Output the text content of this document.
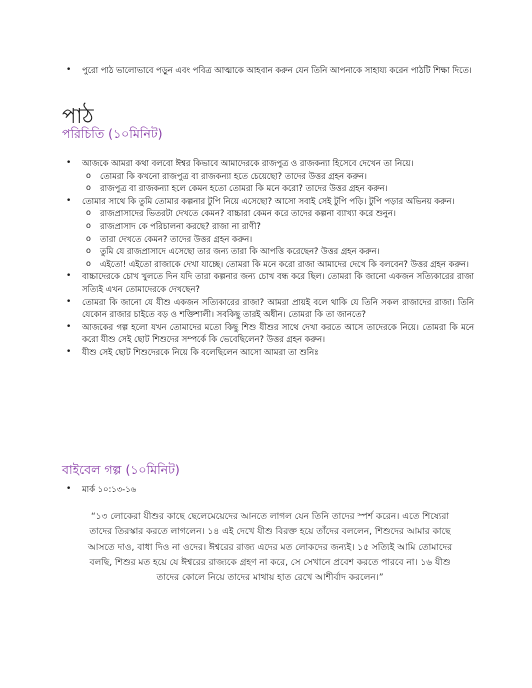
• পুরো পাঠ ভালোভাবে পড়ুন এবং পবিত্র আত্মাকে আহবান করুন যেন তিনি আপনাকে সাহায্য করেন পাঠটি শিক্ষা দিতে।
পাঠ
পরিচিতি (১০মিনিট)
• আজকে আমরা কথা বলবো ঈশ্বর কিভাবে আমাদেরকে রাজপুত্র ও রাজকন্যা হিসেবে দেখেন তা নিয়ে।
o তোমরা কি কখনো রাজপুত্র বা রাজকন্যা হতে চেয়েছো? তাদের উত্তর গ্রহন করুন।
o রাজপুত্র বা রাজকন্যা হলে কেমন হতো তোমরা কি মনে করো? তাদের উত্তর গ্রহন করুন।
• তোমার সাথে কি তুমি তোমার কল্পনার টুপি নিয়ে এসেছো? আসো সবাই সেই টুপি পড়ি। টুপি পড়ার অভিনয় করুন।
o রাজপ্রাসাদের ভিতরটা দেখতে কেমন? বাচ্চারা কেমন করে তাদের কল্পনা ব্যাখ্যা করে শুনুন।
o রাজপ্রাসাদ কে পরিচালনা করছে? রাজা না রাণী?
o তারা দেখতে কেমন? তাদের উত্তর গ্রহন করুন।
o তুমি যে রাজপ্রাসাদে এসেছো তার জন্য তারা কি আপত্তি করেছেন? উত্তর গ্রহন করুন।
o এইতো! এইতো রাজাকে দেখা যাচ্ছে। তোমরা কি মনে করো রাজা আমাদের দেখে কি বলবেন? উত্তর গ্রহন করুন।
• বাচ্চাদেরকে চোখ খুলতে দিন যদি তারা কল্পনার জন্য চোখ বন্ধ করে ছিল। তোমরা কি জানো একজন সত্যিকারের রাজা সত্যিই এখন তোমাদেরকে দেখছেন?
• তোমরা কি জানো যে যীশু একজন সত্যিকারের রাজা? আমরা প্রায়ই বলে থাকি যে তিনি সকল রাজাদের রাজা। তিনি যেকোন রাজার চাইতে বড় ও শক্তিশালী। সবকিছু তারই অধীন। তোমরা কি তা জানতে?
• আজকের গল্প হলো যখন তোমাদের মতো কিছু শিশু যীশুর সাথে দেখা করতে আসে তাদেরকে নিয়ে। তোমরা কি মনে করো যীশু সেই ছোট শিশুদের সম্পর্কে কি ভেবেছিলেন? উত্তর গ্রহন করুন।
• যীশু সেই ছোট শিশুদেরকে নিয়ে কি বলেছিলেন আসো আমরা তা শুনিঃ
বাইবেল গল্প (১০মিনিট)
• মার্ক ১০:১৩-১৬
“১৩ লোকেরা যীশুর কাছে ছেলেমেয়েদের আনতে লাগল যেন তিনি তাদের স্পর্শ করেন। এতে শিষ্যেরা তাদের তিরস্কার করতে লাগলেন। ১৪ এই দেখে যীশু বিরক্ত হয়ে তাঁদের বললেন, শিশুদের আমার কাছে আসতে দাও, বাধা দিও না ওদের। ঈশ্বরের রাজ্য এদের মত লোকদের জন্যই। ১৫ সত্যিই আমি তোমাদের বলছি, শিশুর মত হয়ে যে ঈশ্বরের রাজ্যকে গ্রহণ না করে, সে সেখানে প্রবেশ করতে পারবে না। ১৬ যীশু তাদের কোলে নিয়ে তাদের মাথায় হাত রেখে আশীর্বাদ করলেন।”
